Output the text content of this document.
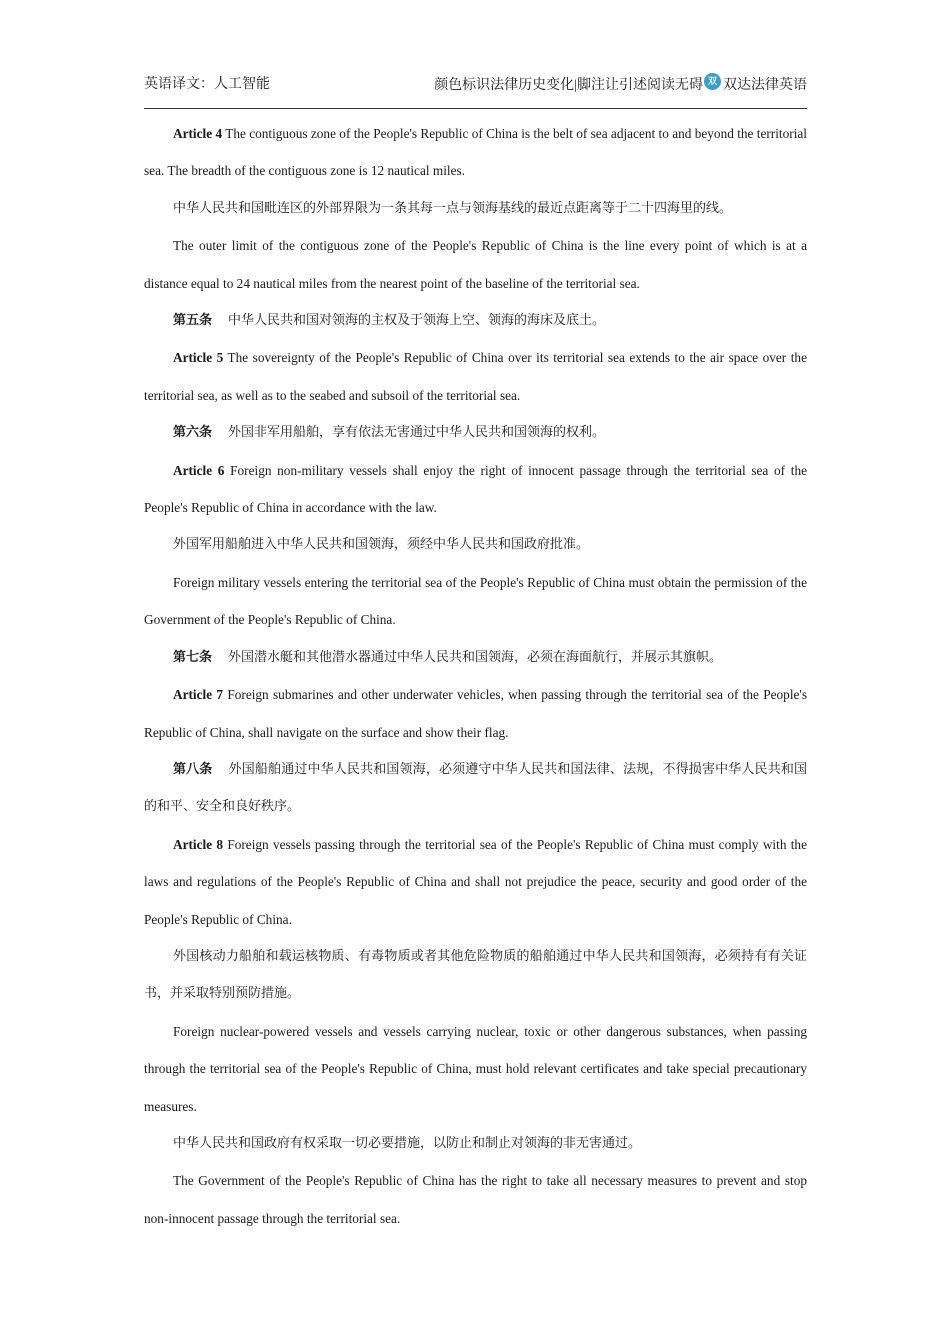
英语译文：人工智能	颜色标识法律历史变化|脚注让引述阅读无碍 双 双达法律英语

Article 4 The contiguous zone of the People's Republic of China is the belt of sea adjacent to and beyond the territorial sea. The breadth of the contiguous zone is 12 nautical miles.

中华人民共和国毗连区的外部界限为一条其每一点与领海基线的最近点距离等于二十四海里的线。

The outer limit of the contiguous zone of the People's Republic of China is the line every point of which is at a distance equal to 24 nautical miles from the nearest point of the baseline of the territorial sea.

第五条 中华人民共和国对领海的主权及于领海上空、领海的海床及底土。

Article 5 The sovereignty of the People's Republic of China over its territorial sea extends to the air space over the territorial sea, as well as to the seabed and subsoil of the territorial sea.

第六条 外国非军用船舶，享有依法无害通过中华人民共和国领海的权利。

Article 6 Foreign non-military vessels shall enjoy the right of innocent passage through the territorial sea of the People's Republic of China in accordance with the law.

外国军用船舶进入中华人民共和国领海，须经中华人民共和国政府批准。

Foreign military vessels entering the territorial sea of the People's Republic of China must obtain the permission of the Government of the People's Republic of China.

第七条 外国潜水艇和其他潜水器通过中华人民共和国领海，必须在海面航行，并展示其旗帜。

Article 7 Foreign submarines and other underwater vehicles, when passing through the territorial sea of the People's Republic of China, shall navigate on the surface and show their flag.

第八条 外国船舶通过中华人民共和国领海，必须遵守中华人民共和国法律、法规，不得损害中华人民共和国的和平、安全和良好秩序。

Article 8 Foreign vessels passing through the territorial sea of the People's Republic of China must comply with the laws and regulations of the People's Republic of China and shall not prejudice the peace, security and good order of the People's Republic of China.

外国核动力船舶和载运核物质、有毒物质或者其他危险物质的船舶通过中华人民共和国领海，必须持有有关证书，并采取特别预防措施。

Foreign nuclear-powered vessels and vessels carrying nuclear, toxic or other dangerous substances, when passing through the territorial sea of the People's Republic of China, must hold relevant certificates and take special precautionary measures.

中华人民共和国政府有权采取一切必要措施，以防止和制止对领海的非无害通过。

The Government of the People's Republic of China has the right to take all necessary measures to prevent and stop non-innocent passage through the territorial sea.
